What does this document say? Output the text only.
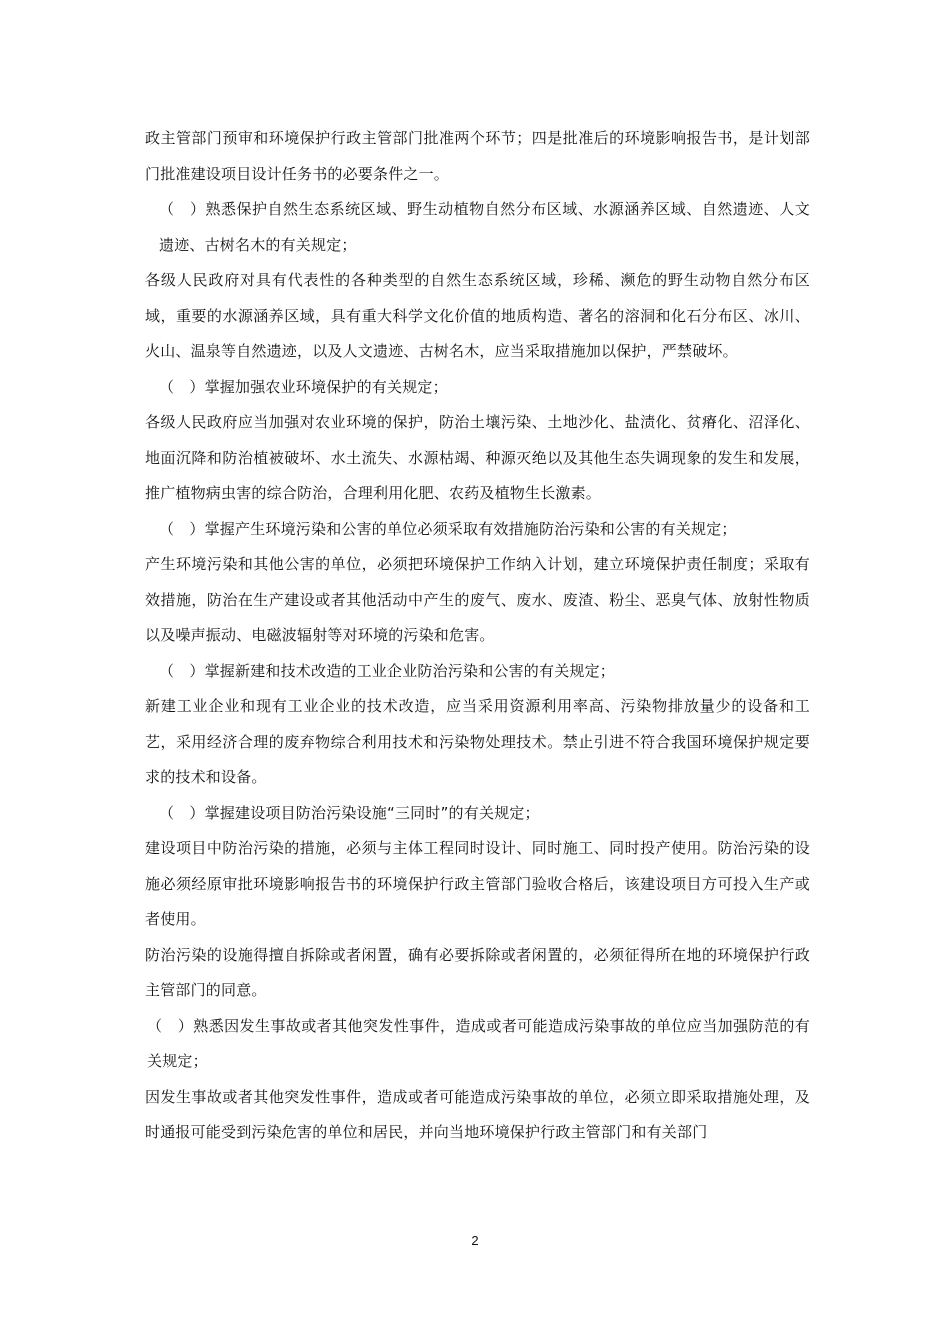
政主管部门预审和环境保护行政主管部门批准两个环节；四是批准后的环境影响报告书，是计划部门批准建设项目设计任务书的必要条件之一。

（　）熟悉保护自然生态系统区域、野生动植物自然分布区域、水源涵养区域、自然遗迹、人文遗迹、古树名木的有关规定；

各级人民政府对具有代表性的各种类型的自然生态系统区域，珍稀、濒危的野生动物自然分布区域，重要的水源涵养区域，具有重大科学文化价值的地质构造、著名的溶洞和化石分布区、冰川、火山、温泉等自然遗迹，以及人文遗迹、古树名木，应当采取措施加以保护，严禁破坏。

（　）掌握加强农业环境保护的有关规定；

各级人民政府应当加强对农业环境的保护，防治土壤污染、土地沙化、盐渍化、贫瘠化、沼泽化、地面沉降和防治植被破坏、水土流失、水源枯竭、种源灭绝以及其他生态失调现象的发生和发展，推广植物病虫害的综合防治，合理利用化肥、农药及植物生长激素。

（　）掌握产生环境污染和公害的单位必须采取有效措施防治污染和公害的有关规定；

产生环境污染和其他公害的单位，必须把环境保护工作纳入计划，建立环境保护责任制度；采取有效措施，防治在生产建设或者其他活动中产生的废气、废水、废渣、粉尘、恶臭气体、放射性物质以及噪声振动、电磁波辐射等对环境的污染和危害。

（　）掌握新建和技术改造的工业企业防治污染和公害的有关规定；

新建工业企业和现有工业企业的技术改造，应当采用资源利用率高、污染物排放量少的设备和工艺，采用经济合理的废弃物综合利用技术和污染物处理技术。禁止引进不符合我国环境保护规定要求的技术和设备。

（　）掌握建设项目防治污染设施“三同时”的有关规定；

建设项目中防治污染的措施，必须与主体工程同时设计、同时施工、同时投产使用。防治污染的设施必须经原审批环境影响报告书的环境保护行政主管部门验收合格后，该建设项目方可投入生产或者使用。

防治污染的设施得擅自拆除或者闲置，确有必要拆除或者闲置的，必须征得所在地的环境保护行政主管部门的同意。

（　）熟悉因发生事故或者其他突发性事件，造成或者可能造成污染事故的单位应当加强防范的有关规定；

因发生事故或者其他突发性事件，造成或者可能造成污染事故的单位，必须立即采取措施处理，及时通报可能受到污染危害的单位和居民，并向当地环境保护行政主管部门和有关部门

2
